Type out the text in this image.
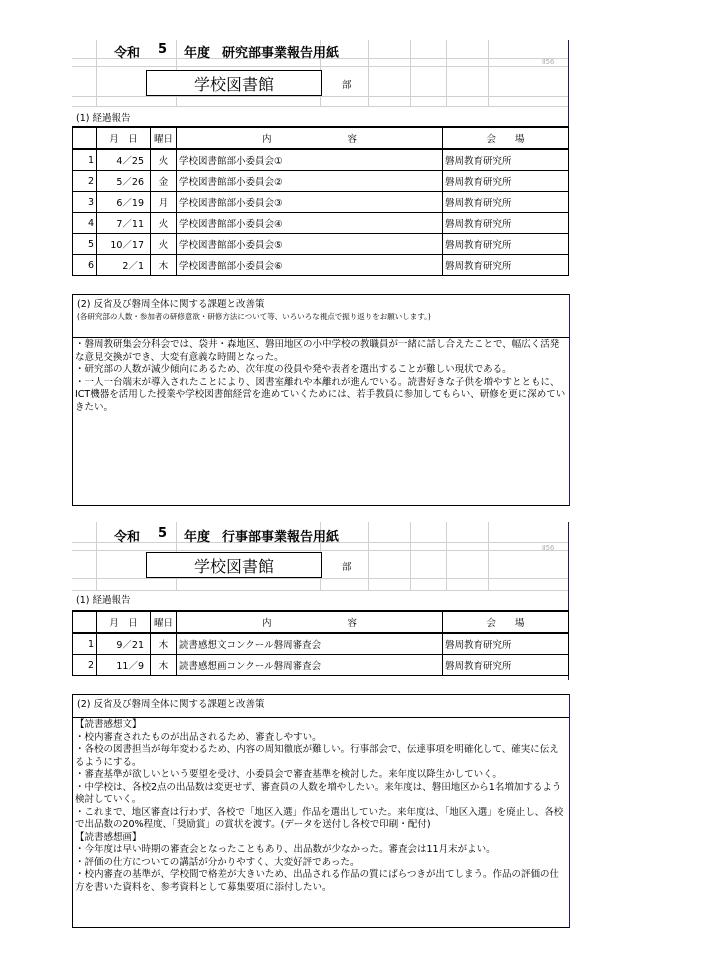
令和 5 年度 研究部事業報告用紙
Ⅱ56
学校図書館	部
(1) 経過報告
	月　日	曜日	内　　　　　　　　容	会　　場
1	4／25	火	学校図書館部小委員会①	磐周教育研究所
2	5／26	金	学校図書館部小委員会②	磐周教育研究所
3	6／19	月	学校図書館部小委員会③	磐周教育研究所
4	7／11	火	学校図書館部小委員会④	磐周教育研究所
5	10／17	火	学校図書館部小委員会⑤	磐周教育研究所
6	2／1	木	学校図書館部小委員会⑥	磐周教育研究所
(2) 反省及び磐周全体に関する課題と改善策
(各研究部の人数・参加者の研修意欲・研修方法について等、いろいろな視点で振り返りをお願いします。)
・磐周教研集会分科会では、袋井・森地区、磐田地区の小中学校の教職員が一緒に話し合えたことで、幅広く活発な意見交換ができ、大変有意義な時間となった。
・研究部の人数が減少傾向にあるため、次年度の役員や発や表者を選出することが難しい現状である。
・一人一台端末が導入されたことにより、図書室離れや本離れが進んでいる。読書好きな子供を増やすとともに、ICT機器を活用した授業や学校図書館経営を進めていくためには、若手教員に参加してもらい、研修を更に深めていきたい。
令和 5 年度 行事部事業報告用紙
Ⅱ56
学校図書館	部
(1) 経過報告
	月　日	曜日	内　　　　　　　　容	会　　場
1	9／21	木	読書感想文コンクール磐周審査会	磐周教育研究所
2	11／9	木	読書感想画コンクール磐周審査会	磐周教育研究所
(2) 反省及び磐周全体に関する課題と改善策
【読書感想文】
・校内審査されたものが出品されるため、審査しやすい。
・各校の図書担当が毎年変わるため、内容の周知徹底が難しい。行事部会で、伝達事項を明確化して、確実に伝えるようにする。
・審査基準が欲しいという要望を受け、小委員会で審査基準を検討した。来年度以降生かしていく。
・中学校は、各校2点の出品数は変更せず、審査員の人数を増やしたい。来年度は、磐田地区から1名増加するよう検討していく。
・これまで、地区審査は行わず、各校で「地区入選」作品を選出していた。来年度は、「地区入選」を廃止し、各校で出品数の20%程度、「奨励賞」の賞状を渡す。(データを送付し各校で印刷・配付)
【読書感想画】
・今年度は早い時期の審査会となったこともあり、出品数が少なかった。審査会は11月末がよい。
・評価の仕方についての講話が分かりやすく、大変好評であった。
・校内審査の基準が、学校間で格差が大きいため、出品される作品の質にばらつきが出てしまう。作品の評価の仕方を書いた資料を、参考資料として募集要項に添付したい。
